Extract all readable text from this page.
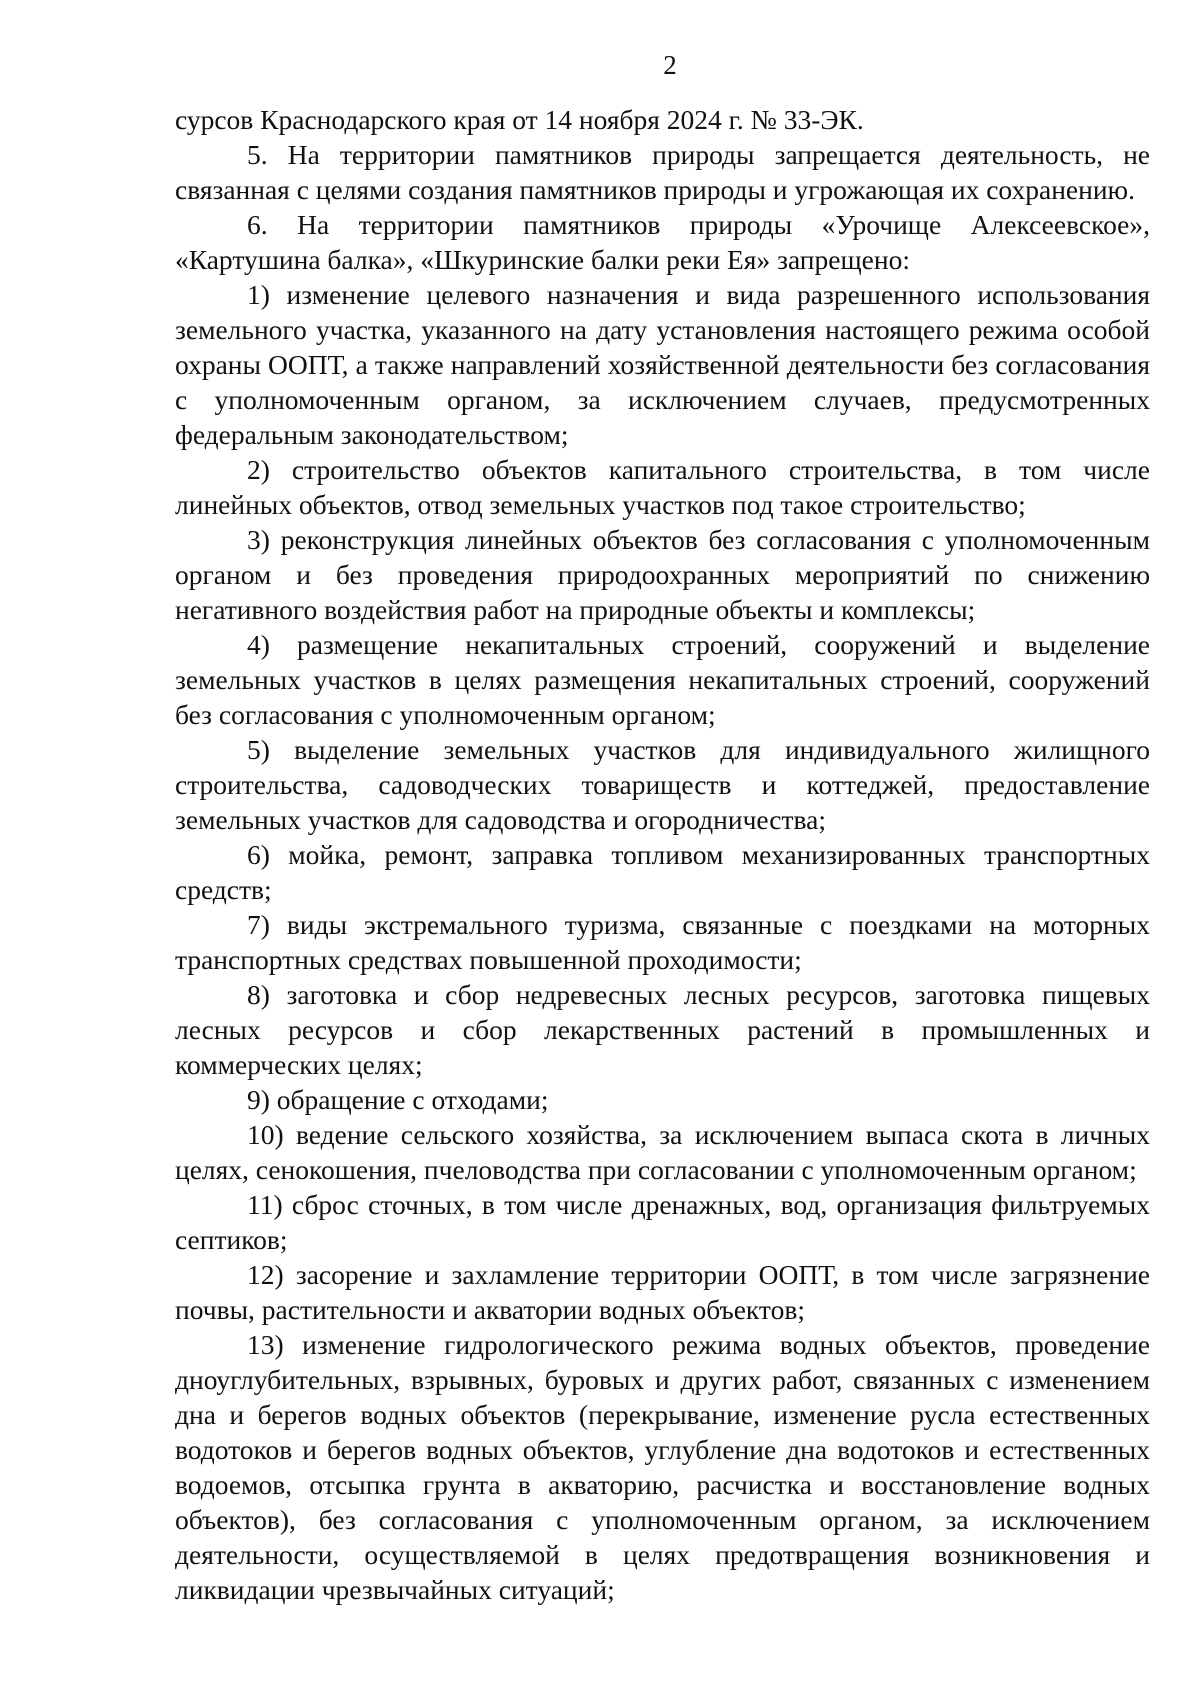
2

сурсов Краснодарского края от 14 ноября 2024 г. № 33-ЭК.

5. На территории памятников природы запрещается деятельность, не связанная с целями создания памятников природы и угрожающая их сохранению.

6. На территории памятников природы «Урочище Алексеевское», «Картушина балка», «Шкуринские балки реки Ея» запрещено:

1) изменение целевого назначения и вида разрешенного использования земельного участка, указанного на дату установления настоящего режима особой охраны ООПТ, а также направлений хозяйственной деятельности без согласования с уполномоченным органом, за исключением случаев, предусмотренных федеральным законодательством;

2) строительство объектов капитального строительства, в том числе линейных объектов, отвод земельных участков под такое строительство;

3) реконструкция линейных объектов без согласования с уполномоченным органом и без проведения природоохранных мероприятий по снижению негативного воздействия работ на природные объекты и комплексы;

4) размещение некапитальных строений, сооружений и выделение земельных участков в целях размещения некапитальных строений, сооружений без согласования с уполномоченным органом;

5) выделение земельных участков для индивидуального жилищного строительства, садоводческих товариществ и коттеджей, предоставление земельных участков для садоводства и огородничества;

6) мойка, ремонт, заправка топливом механизированных транспортных средств;

7) виды экстремального туризма, связанные с поездками на моторных транспортных средствах повышенной проходимости;

8) заготовка и сбор недревесных лесных ресурсов, заготовка пищевых лесных ресурсов и сбор лекарственных растений в промышленных и коммерческих целях;

9) обращение с отходами;

10) ведение сельского хозяйства, за исключением выпаса скота в личных целях, сенокошения, пчеловодства при согласовании с уполномоченным органом;

11) сброс сточных, в том числе дренажных, вод, организация фильтруемых септиков;

12) засорение и захламление территории ООПТ, в том числе загрязнение почвы, растительности и акватории водных объектов;

13) изменение гидрологического режима водных объектов, проведение дноуглубительных, взрывных, буровых и других работ, связанных с изменением дна и берегов водных объектов (перекрывание, изменение русла естественных водотоков и берегов водных объектов, углубление дна водотоков и естественных водоемов, отсыпка грунта в акваторию, расчистка и восстановление водных объектов), без согласования с уполномоченным органом, за исключением деятельности, осуществляемой в целях предотвращения возникновения и ликвидации чрезвычайных ситуаций;
